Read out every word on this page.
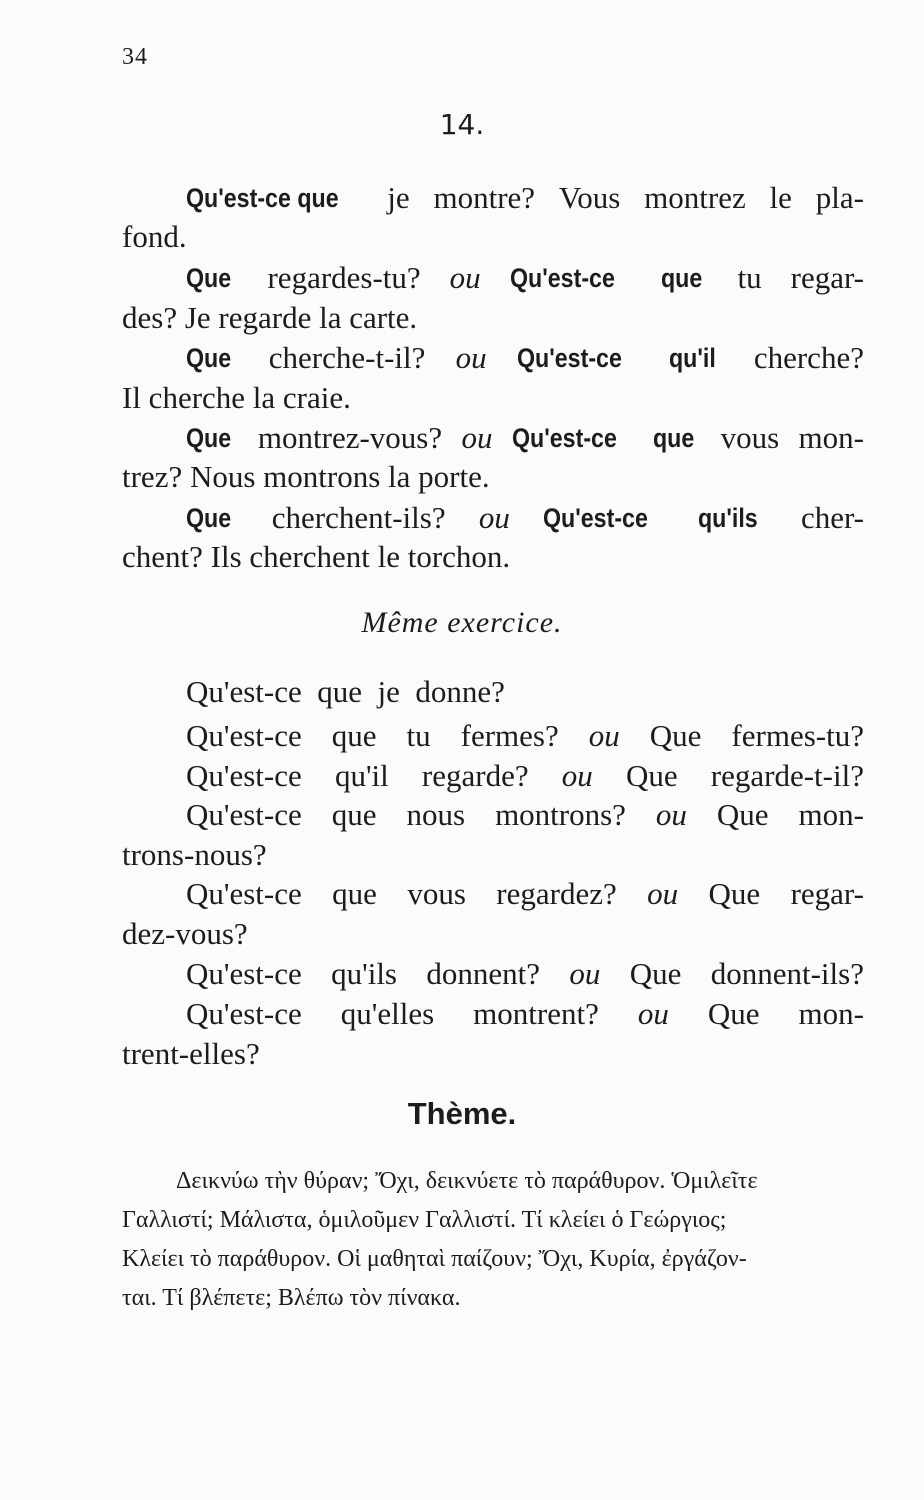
34
14.
Qu'est-ce que je montre? Vous montrez le pla-
fond.
Que regardes-tu? ou Qu'est-ce que tu regar-
des? Je regarde la carte.
Que cherche-t-il? ou Qu'est-ce qu'il cherche?
Il cherche la craie.
Que montrez-vous? ou Qu'est-ce que vous mon-
trez? Nous montrons la porte.
Que cherchent-ils? ou Qu'est-ce qu'ils cher-
chent? Ils cherchent le torchon.
Même exercice.
Qu'est-ce que je donne?
Qu'est-ce que tu fermes? ou Que fermes-tu?
Qu'est-ce qu'il regarde? ou Que regarde-t-il?
Qu'est-ce que nous montrons? ou Que mon-
trons-nous?
Qu'est-ce que vous regardez? ou Que regar-
dez-vous?
Qu'est-ce qu'ils donnent? ou Que donnent-ils?
Qu'est-ce qu'elles montrent? ou Que mon-
trent-elles?
Thème.
Δεικνύω τὴν θύραν; Ὄχι, δεικνύετε τὸ παράθυρον. Ὁμιλεῖτε
Γαλλιστί; Μάλιστα, ὁμιλοῦμεν Γαλλιστί. Τί κλείει ὁ Γεώργιος;
Κλείει τὸ παράθυρον. Οἱ μαθηταὶ παίζουν; Ὄχι, Κυρία, ἐργάζον-
ται. Τί βλέπετε; Βλέπω τὸν πίνακα.
